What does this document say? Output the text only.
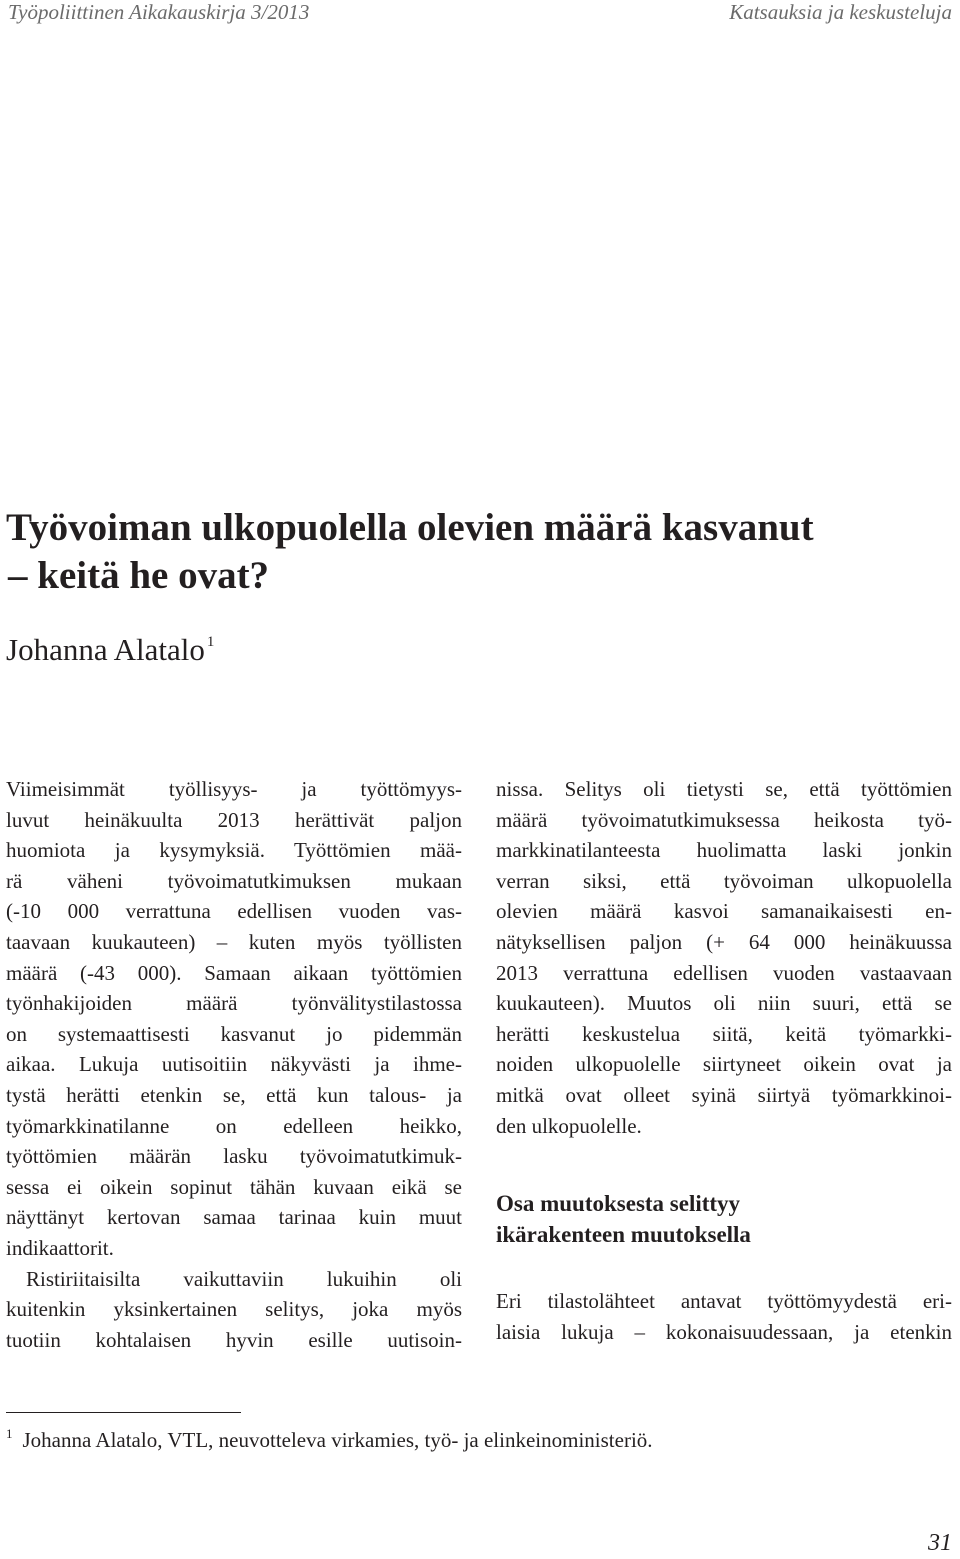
Työpoliittinen Aikakauskirja 3/2013	Katsauksia ja keskusteluja
Työvoiman ulkopuolella olevien määrä kasvanut
– keitä he ovat?
Johanna Alatalo $^1$
Viimeisimmät työllisyys- ja työttömyys-
luvut heinäkuulta 2013 herättivät paljon
huomiota ja kysymyksiä. Työttömien mää-
rä väheni työvoimatutkimuksen mukaan
(-10 000 verrattuna edellisen vuoden vas-
taavaan kuukauteen) – kuten myös työllisten
määrä (-43 000). Samaan aikaan työttömien
työnhakijoiden määrä työnvälitystilastossa
on systemaattisesti kasvanut jo pidemmän
aikaa. Lukuja uutisoitiin näkyvästi ja ihme-
tystä herätti etenkin se, että kun talous- ja
työmarkkinatilanne on edelleen heikko,
työttömien määrän lasku työvoimatutkimuk-
sessa ei oikein sopinut tähän kuvaan eikä se
näyttänyt kertovan samaa tarinaa kuin muut
indikaattorit.
Ristiriitaisilta vaikuttaviin lukuihin oli
kuitenkin yksinkertainen selitys, joka myös
tuotiin kohtalaisen hyvin esille uutisoin-
nissa. Selitys oli tietysti se, että työttömien
määrä työvoimatutkimuksessa heikosta työ-
markkinatilanteesta huolimatta laski jonkin
verran siksi, että työvoiman ulkopuolella
olevien määrä kasvoi samanaikaisesti en-
nätyksellisen paljon (+ 64 000 heinäkuussa
2013 verrattuna edellisen vuoden vastaavaan
kuukauteen). Muutos oli niin suuri, että se
herätti keskustelua siitä, keitä työmarkki-
noiden ulkopuolelle siirtyneet oikein ovat ja
mitkä ovat olleet syinä siirtyä työmarkkinoi-
den ulkopuolelle.
Osa muutoksesta selittyy
ikärakenteen muutoksella
Eri tilastolähteet antavat työttömyydestä eri-
laisia lukuja – kokonaisuudessaan, ja etenkin
$^1$ Johanna Alatalo, VTL, neuvotteleva virkamies, työ- ja elinkeinoministeriö.
31
